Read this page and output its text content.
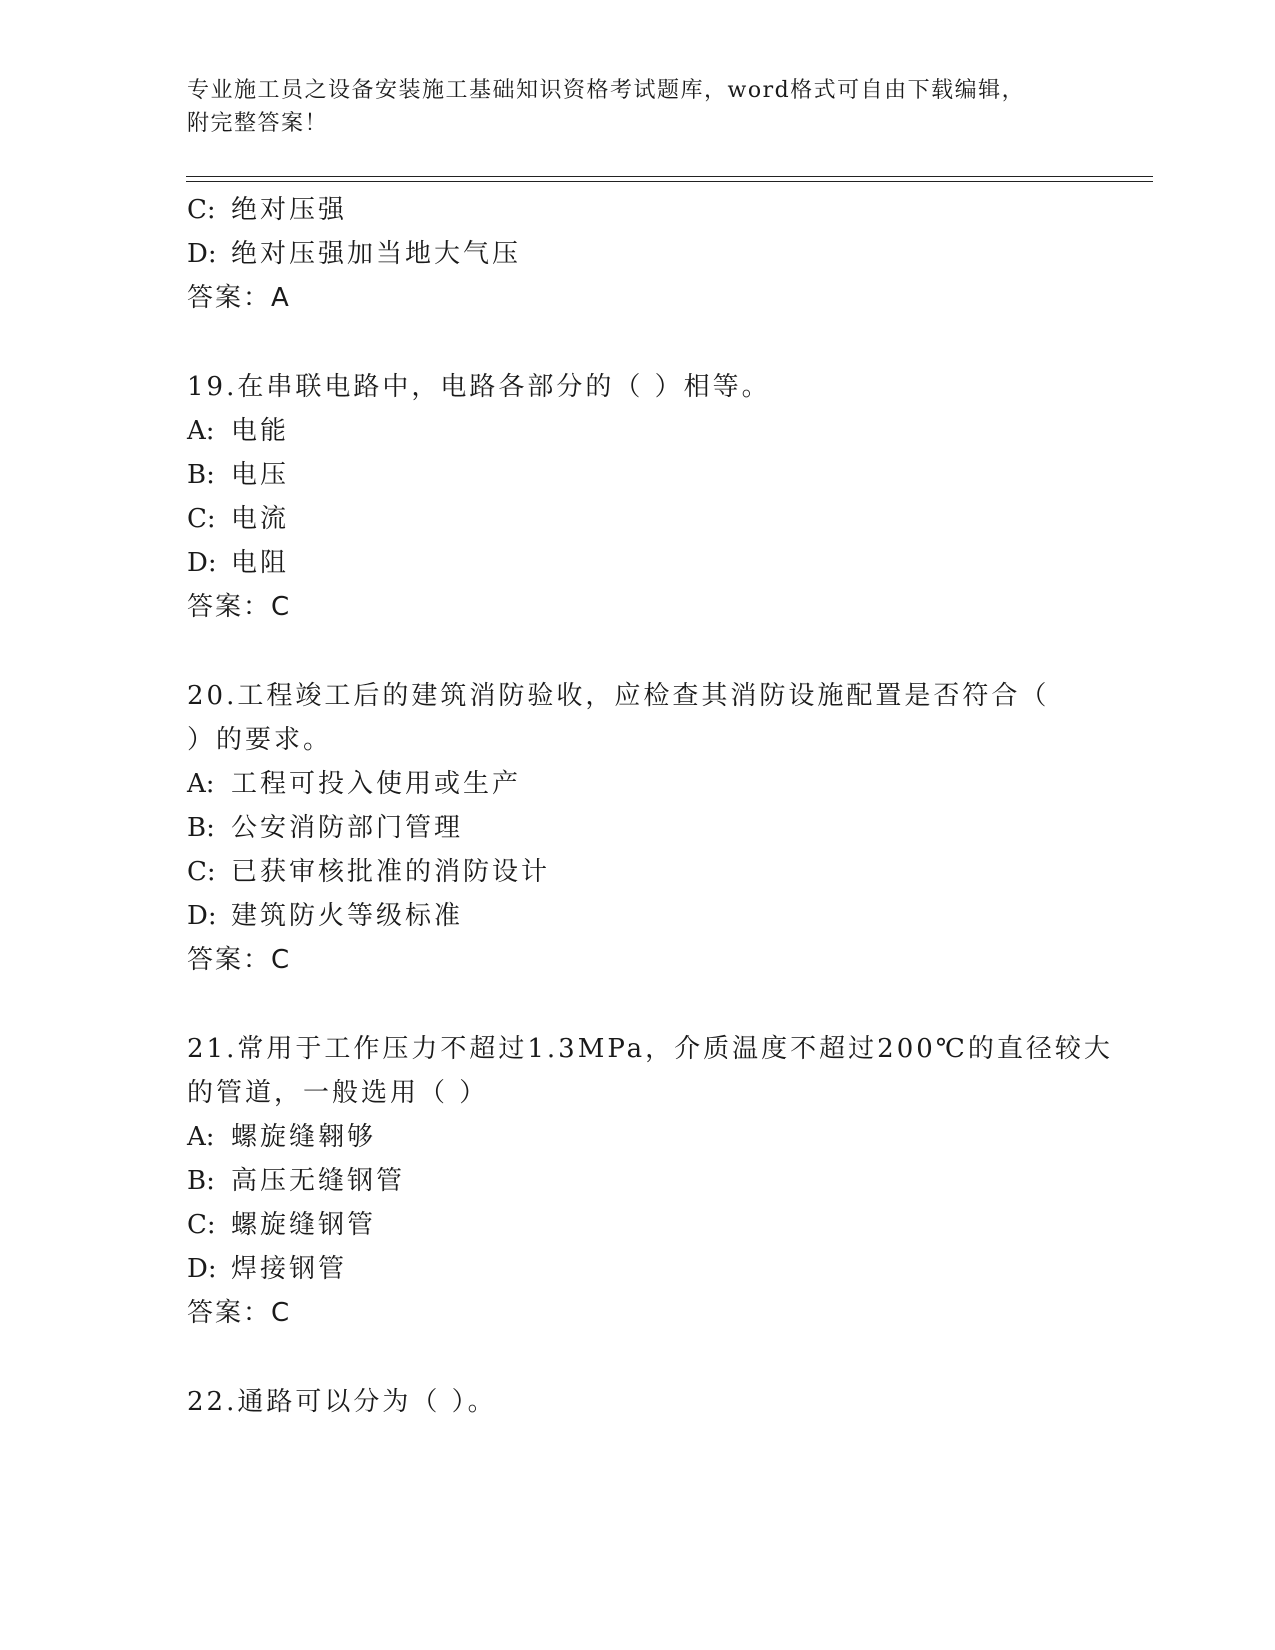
专业施工员之设备安装施工基础知识资格考试题库，word格式可自由下载编辑，
附完整答案！
C: 绝对压强
D: 绝对压强加当地大气压
答案：A
19.在串联电路中，电路各部分的（ ）相等。
A: 电能
B: 电压
C: 电流
D: 电阻
答案：C
20.工程竣工后的建筑消防验收，应检查其消防设施配置是否符合（
）的要求。
A: 工程可投入使用或生产
B: 公安消防部门管理
C: 已获审核批准的消防设计
D: 建筑防火等级标准
答案：C
21.常用于工作压力不超过1.3MPa，介质温度不超过200℃的直径较大
的管道，一般选用（ ）
A: 螺旋缝翱够
B: 高压无缝钢管
C: 螺旋缝钢管
D: 焊接钢管
答案：C
22.通路可以分为（ ）。
